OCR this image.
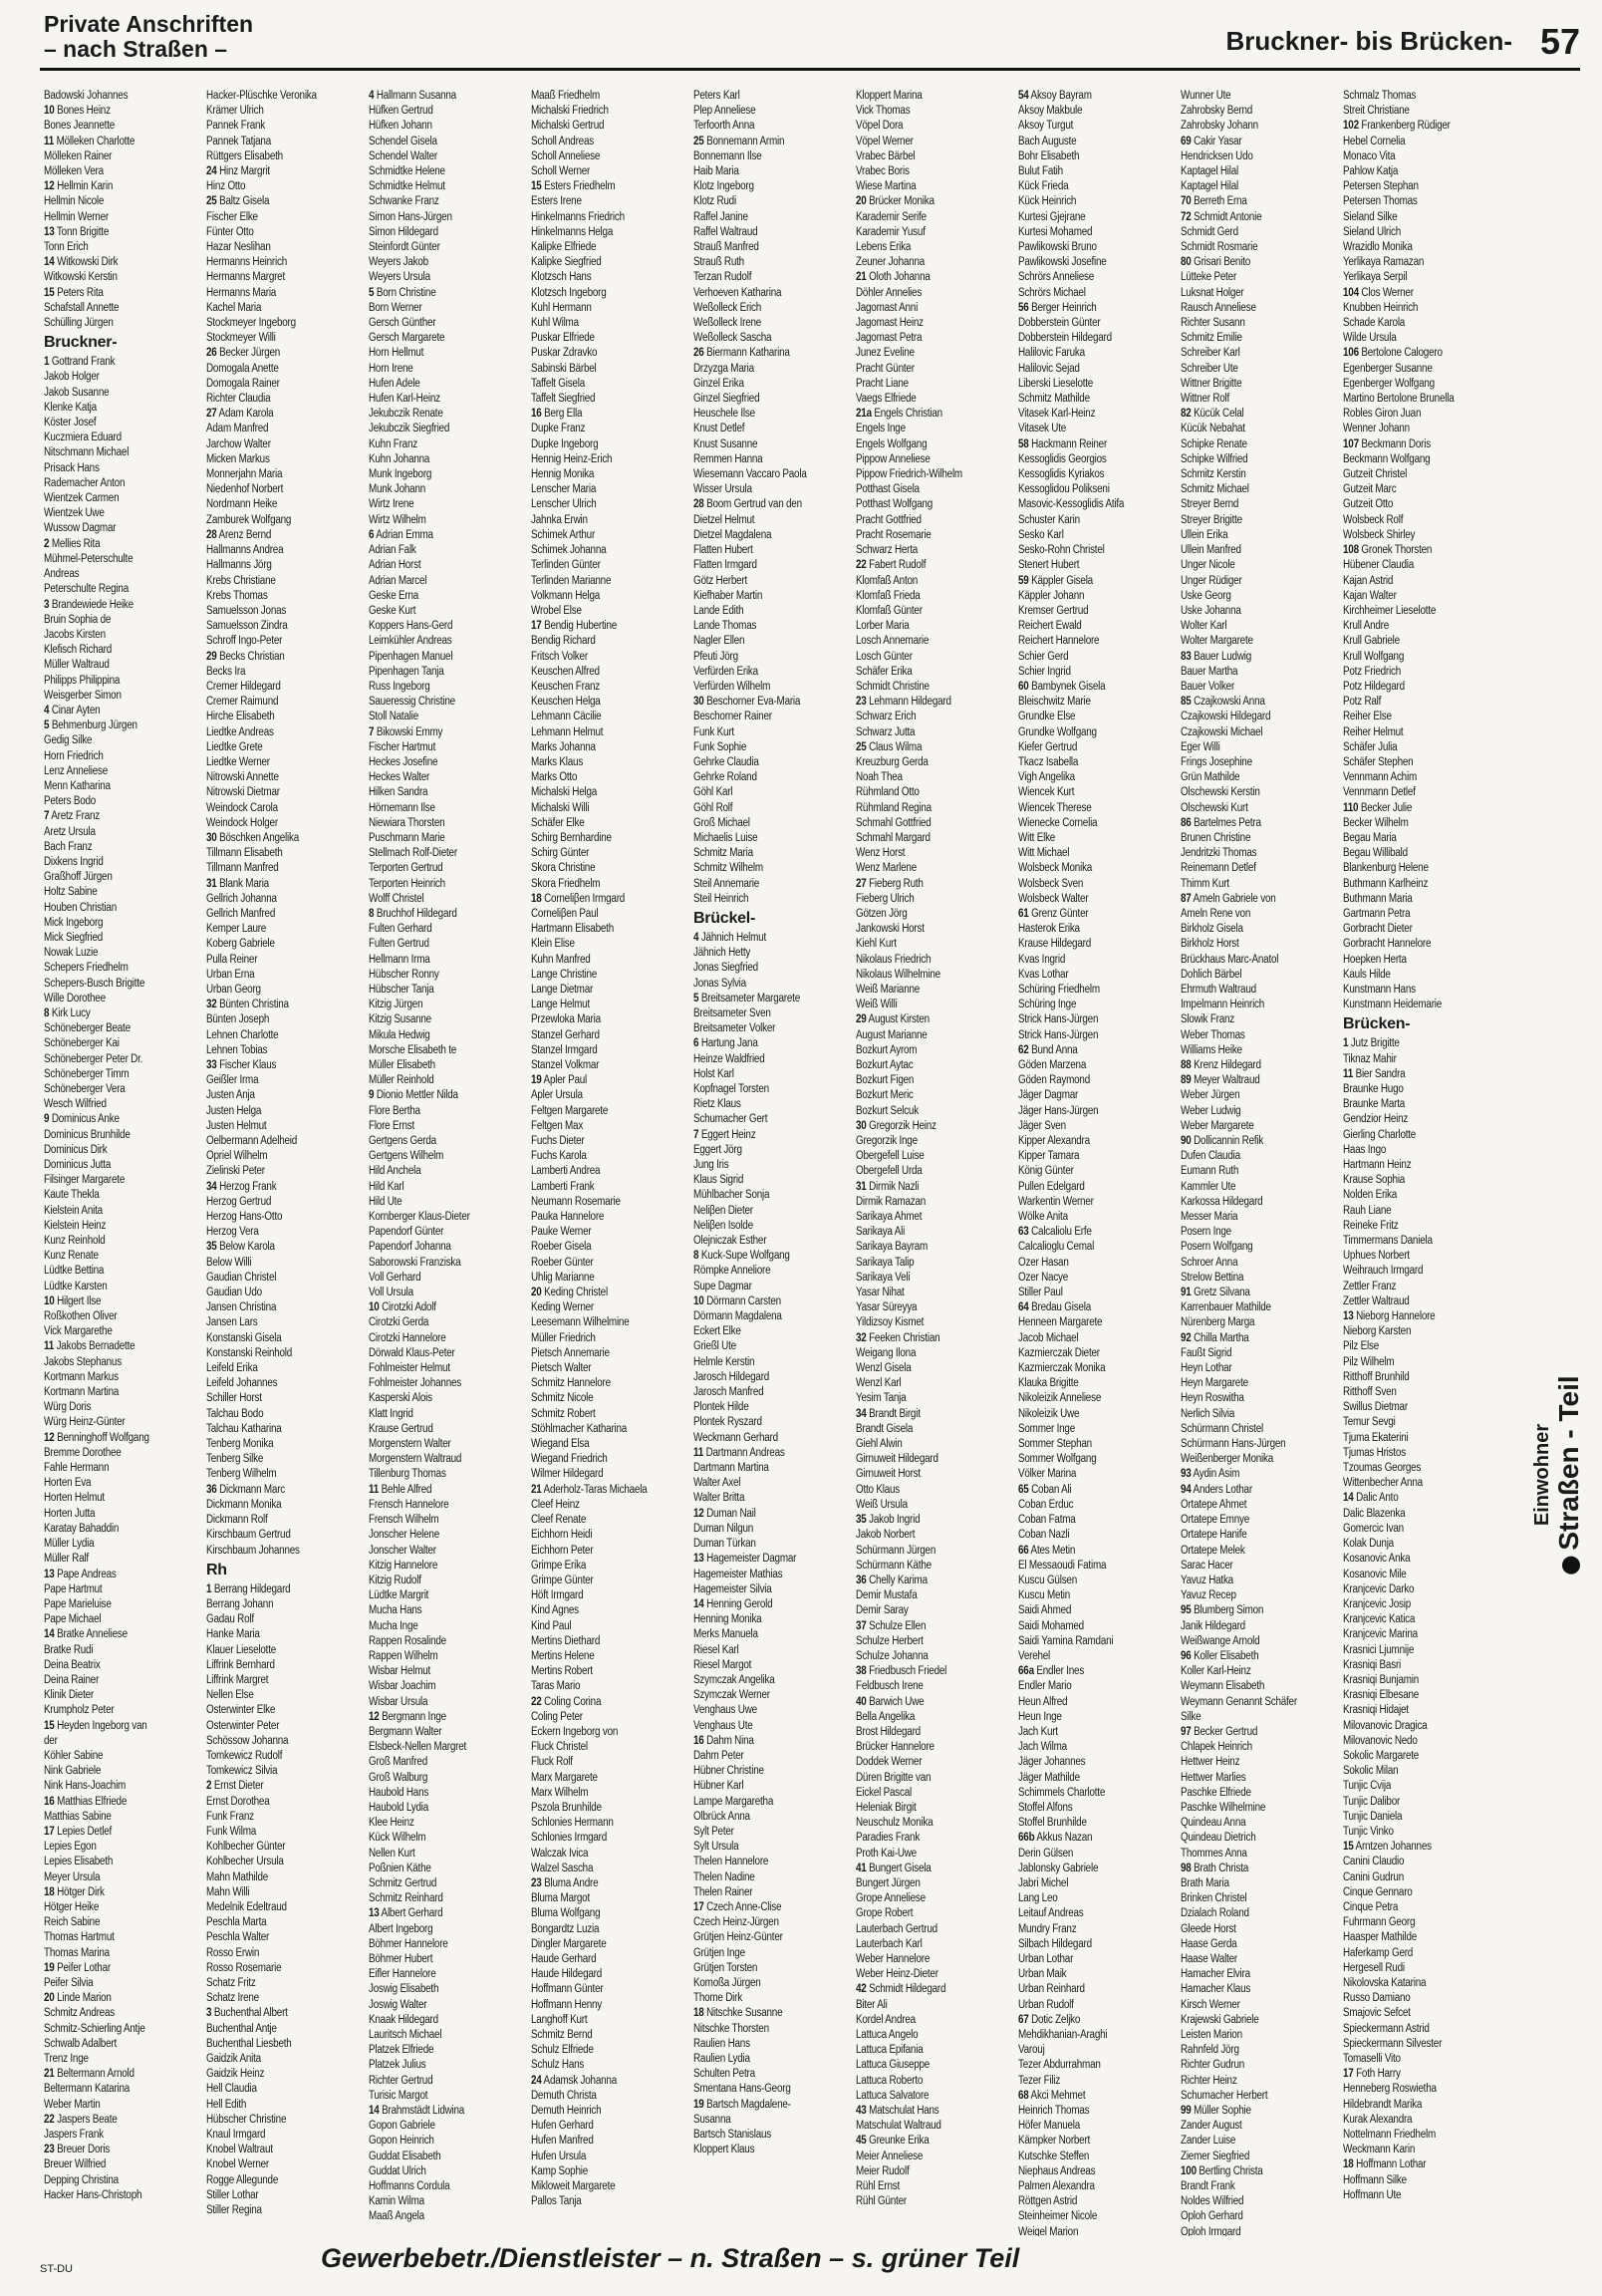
Private Anschriften
– nach Straßen –	Bruckner- bis Brücken- 57
Badowski Johannes
10 Bones Heinz
Bones Jeannette
11 Mölleken Charlotte
Mölleken Rainer
Mölleken Vera
12 Hellmin Karin
Hellmin Nicole
Hellmin Werner
13 Tonn Brigitte
Tonn Erich
14 Witkowski Dirk
Witkowski Kerstin
15 Peters Rita
Schafstall Annette
Schülling Jürgen
Bruckner-
1 Gottrand Frank
Jakob Holger
Jakob Susanne
Klenke Katja
Köster Josef
Kuczmiera Eduard
Nitschmann Michael
Prisack Hans
Rademacher Anton
Wientzek Carmen
Wientzek Uwe
Wussow Dagmar
2 Mellies Rita
Mühmel-Peterschulte
Andreas
Peterschulte Regina
3 Brandewiede Heike
Bruin Sophia de
Jacobs Kirsten
Klefisch Richard
Müller Waltraud
Philipps Philippina
Weisgerber Simon
4 Cinar Ayten
5 Behmenburg Jürgen
Gedig Silke
Horn Friedrich
Lenz Anneliese
Menn Katharina
Peters Bodo
7 Aretz Franz
Aretz Ursula
Bach Franz
Dixkens Ingrid
Graßhoff Jürgen
Holtz Sabine
Houben Christian
Mick Ingeborg
Mick Siegfried
Nowak Luzie
Schepers Friedhelm
Schepers-Busch Brigitte
Wille Dorothee
8 Kirk Lucy
Schöneberger Beate
Schöneberger Kai
Schöneberger Peter Dr.
Schöneberger Timm
Schöneberger Vera
Wesch Wilfried
9 Dominicus Anke
Dominicus Brunhilde
Dominicus Dirk
Dominicus Jutta
Filsinger Margarete
Kaute Thekla
Kielstein Anita
Kielstein Heinz
Kunz Reinhold
Kunz Renate
Lüdtke Bettina
Lüdtke Karsten
10 Hilgert Ilse
Roßkothen Oliver
Vick Margarethe
11 Jakobs Bernadette
Jakobs Stephanus
Kortmann Markus
Kortmann Martina
Würg Doris
Würg Heinz-Günter
12 Benninghoff Wolfgang
Bremme Dorothee
Fahle Hermann
Horten Eva
Horten Helmut
Horten Jutta
Karatay Bahaddin
Müller Lydia
Müller Ralf
13 Pape Andreas
Pape Hartmut
Pape Marieluise
Pape Michael
14 Bratke Anneliese
Bratke Rudi
Deina Beatrix
Deina Rainer
Klinik Dieter
Krumpholz Peter
15 Heyden Ingeborg van
der
Köhler Sabine
Nink Gabriele
Nink Hans-Joachim
16 Matthias Elfriede
Matthias Sabine
17 Lepies Detlef
Lepies Egon
Lepies Elisabeth
Meyer Ursula
18 Hötger Dirk
Hötger Heike
Reich Sabine
Thomas Hartmut
Thomas Marina
19 Peifer Lothar
Peifer Silvia
20 Linde Marion
Schmitz Andreas
Schmitz-Schierling Antje
Schwalb Adalbert
Trenz Inge
21 Beltermann Arnold
Beltermann Katarina
Weber Martin
22 Jaspers Beate
Jaspers Frank
23 Breuer Doris
Breuer Wilfried
Depping Christina
Hacker Hans-Christoph
Hacker-Plüschke Veronika
Krämer Ulrich
Pannek Frank
Pannek Tatjana
Rüttgers Elisabeth
24 Hinz Margrit
Hinz Otto
25 Baltz Gisela
Fischer Elke
Fünter Otto
Hazar Neslihan
Hermanns Heinrich
Hermanns Margret
Hermanns Maria
Kachel Maria
Stockmeyer Ingeborg
Stockmeyer Willi
26 Becker Jürgen
Domogala Anette
Domogala Rainer
Richter Claudia
27 Adam Karola
Adam Manfred
Jarchow Walter
Micken Markus
Monnerjahn Maria
Niedenhof Norbert
Nordmann Heike
Zamburek Wolfgang
28 Arenz Bernd
Hallmanns Andrea
Hallmanns Jörg
Krebs Christiane
Krebs Thomas
Samuelsson Jonas
Samuelsson Zindra
Schroff Ingo-Peter
29 Becks Christian
Becks Ira
Cremer Hildegard
Cremer Raimund
Hirche Elisabeth
Liedtke Andreas
Liedtke Grete
Liedtke Werner
Nitrowski Annette
Nitrowski Dietmar
Weindock Carola
Weindock Holger
30 Böschken Angelika
Tillmann Elisabeth
Tillmann Manfred
31 Blank Maria
Gellrich Johanna
Gellrich Manfred
Kemper Laure
Koberg Gabriele
Pulla Reiner
Urban Erna
Urban Georg
32 Bünten Christina
Bünten Joseph
Lehnen Charlotte
Lehnen Tobias
33 Fischer Klaus
Geißler Irma
Justen Anja
Justen Helga
Justen Helmut
Oelbermann Adelheid
Opriel Wilhelm
Zielinski Peter
34 Herzog Frank
Herzog Gertrud
Herzog Hans-Otto
Herzog Vera
35 Below Karola
Below Willi
Gaudian Christel
Gaudian Udo
Jansen Christina
Jansen Lars
Konstanski Gisela
Konstanski Reinhold
Leifeld Erika
Leifeld Johannes
Schiller Horst
Talchau Bodo
Talchau Katharina
Tenberg Monika
Tenberg Silke
Tenberg Wilhelm
36 Dickmann Marc
Dickmann Monika
Dickmann Rolf
Kirschbaum Gertrud
Kirschbaum Johannes
Rh
1 Berrang Hildegard
Berrang Johann
Gadau Rolf
Hanke Maria
Klauer Lieselotte
Liffrink Bernhard
Liffrink Margret
Nellen Else
Osterwinter Elke
Osterwinter Peter
Schössow Johanna
Tomkewicz Rudolf
Tomkewicz Silvia
2 Ernst Dieter
Ernst Dorothea
Funk Franz
Funk Wilma
Kohlbecher Günter
Kohlbecher Ursula
Mahn Mathilde
Mahn Willi
Medelnik Edeltraud
Peschla Marta
Peschla Walter
Rosso Erwin
Rosso Rosemarie
Schatz Fritz
Schatz Irene
3 Buchenthal Albert
Buchenthal Antje
Buchenthal Liesbeth
Gaidzik Anita
Gaidzik Heinz
Hell Claudia
Hell Edith
Hübscher Christine
Knaul Irmgard
Knobel Waltraut
Knobel Werner
Rogge Allegunde
Stiller Lothar
Stiller Regina
4 Hallmann Susanna
Hüfken Gertrud
Hüfken Johann
Schendel Gisela
Schendel Walter
Schmidtke Helene
Schmidtke Helmut
Schwanke Franz
Simon Hans-Jürgen
Simon Hildegard
Steinfordt Günter
Weyers Jakob
Weyers Ursula
5 Born Christine
Born Werner
Gersch Günther
Gersch Margarete
Horn Hellmut
Horn Irene
Hufen Adele
Hufen Karl-Heinz
Jekubczik Renate
Jekubczik Siegfried
Kuhn Franz
Kuhn Johanna
Munk Ingeborg
Munk Johann
Wirtz Irene
Wirtz Wilhelm
6 Adrian Emma
Adrian Falk
Adrian Horst
Adrian Marcel
Geske Erna
Geske Kurt
Koppers Hans-Gerd
Leimkühler Andreas
Pipenhagen Manuel
Pipenhagen Tanja
Russ Ingeborg
Saueressig Christine
Stoll Natalie
7 Bikowski Emmy
Fischer Hartmut
Heckes Josefine
Heckes Walter
Hilken Sandra
Hörnemann Ilse
Niewiara Thorsten
Puschmann Marie
Stellmach Rolf-Dieter
Terporten Gertrud
Terporten Heinrich
Wolff Christel
8 Bruchhof Hildegard
Fulten Gerhard
Fulten Gertrud
Hellmann Irma
Hübscher Ronny
Hübscher Tanja
Kitzig Jürgen
Kitzig Susanne
Mikula Hedwig
Morsche Elisabeth te
Müller Elisabeth
Müller Reinhold
9 Dionio Mettler Nilda
Flore Bertha
Flore Ernst
Gertgens Gerda
Gertgens Wilhelm
Hild Anchela
Hild Karl
Hild Ute
Kornberger Klaus-Dieter
Papendorf Günter
Papendorf Johanna
Saborowski Franziska
Voll Gerhard
Voll Ursula
10 Cirotzki Adolf
Cirotzki Gerda
Cirotzki Hannelore
Dörwald Klaus-Peter
Fohlmeister Helmut
Fohlmeister Johannes
Kasperski Alois
Klatt Ingrid
Krause Gertrud
Morgenstern Walter
Morgenstern Waltraud
Tillenburg Thomas
11 Behle Alfred
Frensch Hannelore
Frensch Wilhelm
Jonscher Helene
Jonscher Walter
Kitzig Hannelore
Kitzig Rudolf
Lüdtke Margrit
Mucha Hans
Mucha Inge
Rappen Rosalinde
Rappen Wilhelm
Wisbar Helmut
Wisbar Joachim
Wisbar Ursula
12 Bergmann Inge
Bergmann Walter
Elsbeck-Nellen Margret
Groß Manfred
Groß Walburg
Haubold Hans
Haubold Lydia
Klee Heinz
Kück Wilhelm
Nellen Kurt
Poßnien Käthe
Schmitz Gertrud
Schmitz Reinhard
13 Albert Gerhard
Albert Ingeborg
Böhmer Hannelore
Böhmer Hubert
Eifler Hannelore
Joswig Elisabeth
Joswig Walter
Knaak Hildegard
Lauritsch Michael
Platzek Elfriede
Platzek Julius
Richter Gertrud
Turisic Margot
14 Brahmstädt Lidwina
Gopon Gabriele
Gopon Heinrich
Guddat Elisabeth
Guddat Ulrich
Hoffmanns Cordula
Kamin Wilma
Maaß Angela
Maaß Friedhelm
Michalski Friedrich
Michalski Gertrud
Scholl Andreas
Scholl Anneliese
Scholl Werner
15 Esters Friedhelm
Esters Irene
Hinkelmanns Friedrich
Hinkelmanns Helga
Kalipke Elfriede
Kalipke Siegfried
Klotzsch Hans
Klotzsch Ingeborg
Kuhl Hermann
Kuhl Wilma
Puskar Elfriede
Puskar Zdravko
Sabinski Bärbel
Taffelt Gisela
Taffelt Siegfried
16 Berg Ella
Dupke Franz
Dupke Ingeborg
Hennig Heinz-Erich
Hennig Monika
Lenscher Maria
Lenscher Ulrich
Jahnka Erwin
Schimek Arthur
Schimek Johanna
Terlinden Günter
Terlinden Marianne
Volkmann Helga
Wrobel Else
17 Bendig Hubertine
Bendig Richard
Fritsch Volker
Keuschen Alfred
Keuschen Franz
Keuschen Helga
Lehmann Cäcilie
Lehmann Helmut
Marks Johanna
Marks Klaus
Marks Otto
Michalski Helga
Michalski Willi
Schäfer Elke
Schirg Bernhardine
Schirg Günter
Skora Christine
Skora Friedhelm
18 Corneliβen Irmgard
Corneliβen Paul
Hartmann Elisabeth
Klein Elise
Kuhn Manfred
Lange Christine
Lange Dietmar
Lange Helmut
Przewloka Maria
Stanzel Gerhard
Stanzel Irmgard
Stanzel Volkmar
19 Apler Paul
Apler Ursula
Feltgen Margarete
Feltgen Max
Fuchs Dieter
Fuchs Karola
Lamberti Andrea
Lamberti Frank
Neumann Rosemarie
Pauka Hannelore
Pauke Werner
Roeber Gisela
Roeber Günter
Uhlig Marianne
20 Keding Christel
Keding Werner
Leesemann Wilhelmine
Müller Friedrich
Pietsch Annemarie
Pietsch Walter
Schmitz Hannelore
Schmitz Nicole
Schmitz Robert
Stöhlmacher Katharina
Wiegand Elsa
Wiegand Friedrich
Wilmer Hildegard
21 Aderholz-Taras Michaela
Cleef Heinz
Cleef Renate
Eichhorn Heidi
Eichhorn Peter
Grimpe Erika
Grimpe Günter
Höft Irmgard
Kind Agnes
Kind Paul
Mertins Diethard
Mertins Helene
Mertins Robert
Taras Mario
22 Coling Corina
Coling Peter
Eckern Ingeborg von
Fluck Christel
Fluck Rolf
Marx Margarete
Marx Wilhelm
Pszola Brunhilde
Schlonies Hermann
Schlonies Irmgard
Walczak Ivica
Walzel Sascha
23 Bluma Andre
Bluma Margot
Bluma Wolfgang
Bongardtz Luzia
Dingler Margarete
Haude Gerhard
Haude Hildegard
Hoffmann Günter
Hoffmann Henny
Langhoff Kurt
Schmitz Bernd
Schulz Elfriede
Schulz Hans
24 Adamsk Johanna
Demuth Christa
Demuth Heinrich
Hufen Gerhard
Hufen Manfred
Hufen Ursula
Kamp Sophie
Mikloweit Margarete
Pallos Tanja
Peters Karl
Plep Anneliese
Terfoorth Anna
25 Bonnemann Armin
Bonnemann Ilse
Haib Maria
Klotz Ingeborg
Klotz Rudi
Raffel Janine
Raffel Waltraud
Strauß Manfred
Strauß Ruth
Terzan Rudolf
Verhoeven Katharina
Weßolleck Erich
Weßolleck Irene
Weßolleck Sascha
26 Biermann Katharina
Drzyzga Maria
Ginzel Erika
Ginzel Siegfried
Heuschele Ilse
Knust Detlef
Knust Susanne
Remmen Hanna
Wiesemann Vaccaro Paola
Wisser Ursula
28 Boom Gertrud van den
Dietzel Helmut
Dietzel Magdalena
Flatten Hubert
Flatten Irmgard
Götz Herbert
Kiefhaber Martin
Lande Edith
Lande Thomas
Nagler Ellen
Pfeuti Jörg
Verfürden Erika
Verfürden Wilhelm
30 Beschorner Eva-Maria
Beschorner Rainer
Funk Kurt
Funk Sophie
Gehrke Claudia
Gehrke Roland
Göhl Karl
Göhl Rolf
Groß Michael
Michaelis Luise
Schmitz Maria
Schmitz Wilhelm
Steil Annemarie
Steil Heinrich
Brückel-
4 Jähnich Helmut
Jähnich Hetty
Jonas Siegfried
Jonas Sylvia
5 Breitsameter Margarete
Breitsameter Sven
Breitsameter Volker
6 Hartung Jana
Heinze Waldfried
Holst Karl
Kopfnagel Torsten
Rietz Klaus
Schumacher Gert
7 Eggert Heinz
Eggert Jörg
Jung Iris
Klaus Sigrid
Mühlbacher Sonja
Neliβen Dieter
Neliβen Isolde
Olejniczak Esther
8 Kuck-Supe Wolfgang
Römpke Anneliore
Supe Dagmar
10 Dörmann Carsten
Dörmann Magdalena
Eckert Elke
Grießl Ute
Helmle Kerstin
Jarosch Hildegard
Jarosch Manfred
Plontek Hilde
Plontek Ryszard
Weckmann Gerhard
11 Dartmann Andreas
Dartmann Martina
Walter Axel
Walter Britta
12 Duman Nail
Duman Nilgun
Duman Türkan
13 Hagemeister Dagmar
Hagemeister Mathias
Hagemeister Silvia
14 Henning Gerold
Henning Monika
Merks Manuela
Riesel Karl
Riesel Margot
Szymczak Angelika
Szymczak Werner
Venghaus Uwe
Venghaus Ute
16 Dahm Nina
Dahm Peter
Hübner Christine
Hübner Karl
Lampe Margaretha
Olbrück Anna
Sylt Peter
Sylt Ursula
Thelen Hannelore
Thelen Nadine
Thelen Rainer
17 Czech Anne-Clise
Czech Heinz-Jürgen
Grütjen Heinz-Günter
Grütjen Inge
Grütjen Torsten
Komoßa Jürgen
Thome Dirk
18 Nitschke Susanne
Nitschke Thorsten
Raulien Hans
Raulien Lydia
Schulten Petra
Smentana Hans-Georg
19 Bartsch Magdalene-
Susanna
Bartsch Stanislaus
Kloppert Klaus
Kloppert Marina
Vick Thomas
Vöpel Dora
Vöpel Werner
Vrabec Bärbel
Vrabec Boris
Wiese Martina
20 Brücker Monika
Karademir Serife
Karademir Yusuf
Lebens Erika
Zeuner Johanna
21 Oloth Johanna
Döhler Annelies
Jagomast Anni
Jagomast Heinz
Jagomast Petra
Junez Eveline
Pracht Günter
Pracht Liane
Vaegs Elfriede
21a Engels Christian
Engels Inge
Engels Wolfgang
Pippow Anneliese
Pippow Friedrich-Wilhelm
Potthast Gisela
Potthast Wolfgang
Pracht Gottfried
Pracht Rosemarie
Schwarz Herta
22 Fabert Rudolf
Klomfaß Anton
Klomfaß Frieda
Klomfaß Günter
Lorber Maria
Losch Annemarie
Losch Günter
Schäfer Erika
Schmidt Christine
23 Lehmann Hildegard
Schwarz Erich
Schwarz Jutta
25 Claus Wilma
Kreuzburg Gerda
Noah Thea
Rühmland Otto
Rühmland Regina
Schmahl Gottfried
Schmahl Margard
Wenz Horst
Wenz Marlene
27 Fieberg Ruth
Fieberg Ulrich
Götzen Jörg
Jankowski Horst
Kiehl Kurt
Nikolaus Friedrich
Nikolaus Wilhelmine
Weiß Marianne
Weiß Willi
29 August Kirsten
August Marianne
Bozkurt Ayrom
Bozkurt Aytac
Bozkurt Figen
Bozkurt Meric
Bozkurt Selcuk
30 Gregorzik Heinz
Gregorzik Inge
Obergefell Luise
Obergefell Urda
31 Dirmik Nazli
Dirmik Ramazan
Sarikaya Ahmet
Sarikaya Ali
Sarikaya Bayram
Sarikaya Talip
Sarikaya Veli
Yasar Nihat
Yasar Süreyya
Yildizsoy Kismet
32 Feeken Christian
Weigang Ilona
Wenzl Gisela
Wenzl Karl
Yesim Tanja
34 Brandt Birgit
Brandt Gisela
Giehl Alwin
Girnuweit Hildegard
Girnuweit Horst
Otto Klaus
Weiß Ursula
35 Jakob Ingrid
Jakob Norbert
Schürmann Jürgen
Schürmann Käthe
36 Chelly Karima
Demir Mustafa
Demir Saray
37 Schulze Ellen
Schulze Herbert
Schulze Johanna
38 Friedbusch Friedel
Feldbusch Irene
40 Barwich Uwe
Bella Angelika
Brost Hildegard
Brücker Hannelore
Doddek Werner
Düren Brigitte van
Eickel Pascal
Heleniak Birgit
Neuschulz Monika
Paradies Frank
Proth Kai-Uwe
41 Bungert Gisela
Bungert Jürgen
Grope Anneliese
Grope Robert
Lauterbach Gertrud
Lauterbach Karl
Weber Hannelore
Weber Heinz-Dieter
42 Schmidt Hildegard
Biter Ali
Kordel Andrea
Lattuca Angelo
Lattuca Epifania
Lattuca Giuseppe
Lattuca Roberto
Lattuca Salvatore
43 Matschulat Hans
Matschulat Waltraud
45 Greunke Erika
Meier Anneliese
Meier Rudolf
Rühl Ernst
Rühl Günter
54 Aksoy Bayram
Aksoy Makbule
Aksoy Turgut
Bach Auguste
Bohr Elisabeth
Bulut Fatih
Kück Frieda
Kück Heinrich
Kurtesi Gjejrane
Kurtesi Mohamed
Pawlikowski Bruno
Pawlikowski Josefine
Schrörs Anneliese
Schrörs Michael
56 Berger Heinrich
Dobberstein Günter
Dobberstein Hildegard
Halilovic Faruka
Halilovic Sejad
Liberski Lieselotte
Schmitz Mathilde
Vitasek Karl-Heinz
Vitasek Ute
58 Hackmann Reiner
Kessoglidis Georgios
Kessoglidis Kyriakos
Kessoglidou Polikseni
Masovic-Kessoglidis Atifa
Schuster Karin
Sesko Karl
Sesko-Rohn Christel
Stenert Hubert
59 Käppler Gisela
Käppler Johann
Kremser Gertrud
Reichert Ewald
Reichert Hannelore
Schier Gerd
Schier Ingrid
60 Bambynek Gisela
Bleischwitz Marie
Grundke Else
Grundke Wolfgang
Kiefer Gertrud
Tkacz Isabella
Vigh Angelika
Wiencek Kurt
Wiencek Therese
Wienecke Cornelia
Witt Elke
Witt Michael
Wolsbeck Monika
Wolsbeck Sven
Wolsbeck Walter
61 Grenz Günter
Hasterok Erika
Krause Hildegard
Kvas Ingrid
Kvas Lothar
Schüring Friedhelm
Schüring Inge
Strick Hans-Jürgen
Strick Hans-Jürgen
62 Bund Anna
Göden Marzena
Göden Raymond
Jäger Dagmar
Jäger Hans-Jürgen
Jäger Sven
Kipper Alexandra
Kipper Tamara
König Günter
Pullen Edelgard
Warkentin Werner
Wölke Anita
63 Calcaliolu Erfe
Calcalioglu Cemal
Özer Hasan
Özer Nacye
Stiller Paul
64 Bredau Gisela
Henneen Margarete
Jacob Michael
Kazmierczak Dieter
Kazmierczak Monika
Klauka Brigitte
Nikoleizik Anneliese
Nikoleizik Uwe
Sommer Inge
Sommer Stephan
Sommer Wolfgang
Völker Marina
65 Coban Ali
Coban Erduc
Coban Fatma
Coban Nazli
66 Ates Metin
El Messaoudi Fatima
Kuscu Gülsen
Kuscu Metin
Saidi Ahmed
Saidi Mohamed
Saidi Yamina Ramdani
Verehel
66a Endler Ines
Endler Mario
Heun Alfred
Heun Inge
Jach Kurt
Jach Wilma
Jäger Johannes
Jäger Mathilde
Schimmels Charlotte
Stoffel Alfons
Stoffel Brunhilde
66b Akkus Nazan
Derin Gülsen
Jablonsky Gabriele
Jabri Michel
Lang Leo
Leitauf Andreas
Mundry Franz
Silbach Hildegard
Urban Lothar
Urban Maik
Urban Reinhard
Urban Rudolf
67 Dotic Zeljko
Mehdikhanian-Araghi
Varouj
Tezer Abdurrahman
Tezer Filiz
68 Akci Mehmet
Heinrich Thomas
Höfer Manuela
Kämpker Norbert
Kutschke Steffen
Niephaus Andreas
Palmen Alexandra
Röttgen Astrid
Steinheimer Nicole
Weigel Marion
Wunner Ute
Zahrobsky Bernd
Zahrobsky Johann
69 Cakir Yasar
Hendricksen Udo
Kaptagel Hilal
Kaptagel Hilal
70 Berreth Erna
72 Schmidt Antonie
Schmidt Gerd
Schmidt Rosmarie
80 Grisari Benito
Lütteke Peter
Luksnat Holger
Rausch Anneliese
Richter Susann
Schmitz Emilie
Schreiber Karl
Schreiber Ute
Wittner Brigitte
Wittner Rolf
82 Kücük Celal
Kücük Nebahat
Schipke Renate
Schipke Wilfried
Schmitz Kerstin
Schmitz Michael
Streyer Bernd
Streyer Brigitte
Ullein Erika
Ullein Manfred
Unger Nicole
Unger Rüdiger
Uske Georg
Uske Johanna
Wolter Karl
Wolter Margarete
83 Bauer Ludwig
Bauer Martha
Bauer Volker
85 Czajkowski Anna
Czajkowski Hildegard
Czajkowski Michael
Eger Willi
Frings Josephine
Grün Mathilde
Olschewski Kerstin
Olschewski Kurt
86 Bartelmes Petra
Brunen Christine
Jendritzki Thomas
Reinemann Detlef
Thimm Kurt
87 Ameln Gabriele von
Ameln Rene von
Birkholz Gisela
Birkholz Horst
Brückhaus Marc-Anatol
Dohlich Bärbel
Ehrmuth Waltraud
Impelmann Heinrich
Slowik Franz
Weber Thomas
Williams Heike
88 Krenz Hildegard
89 Meyer Waltraud
Weber Jürgen
Weber Ludwig
Weber Margarete
90 Dollicannin Refik
Dufen Claudia
Eumann Ruth
Kammler Ute
Karkossa Hildegard
Messer Maria
Posern Inge
Posern Wolfgang
Schroer Anna
Strelow Bettina
91 Gretz Silvana
Karrenbauer Mathilde
Nürenberg Marga
92 Chilla Martha
Faußt Sigrid
Heyn Lothar
Heyn Margarete
Heyn Roswitha
Nerlich Silvia
Schürmann Christel
Schürmann Hans-Jürgen
Weißenberger Monika
93 Aydin Asim
94 Anders Lothar
Ortatepe Ahmet
Ortatepe Emnye
Ortatepe Hanife
Ortatepe Melek
Sarac Hacer
Yavuz Hatka
Yavuz Recep
95 Blumberg Simon
Janik Hildegard
Weißwange Arnold
96 Koller Elisabeth
Koller Karl-Heinz
Weymann Elisabeth
Weymann Genannt Schäfer
Silke
97 Becker Gertrud
Chlapek Heinrich
Hettwer Heinz
Hettwer Marlies
Paschke Elfriede
Paschke Wilhelmine
Quindeau Anna
Quindeau Dietrich
Thommes Anna
98 Brath Christa
Brath Maria
Brinken Christel
Dzialach Roland
Gleede Horst
Haase Gerda
Haase Walter
Hamacher Elvira
Hamacher Klaus
Kirsch Werner
Krajewski Gabriele
Leisten Marion
Rahnfeld Jörg
Richter Gudrun
Richter Heinz
Schumacher Herbert
99 Müller Sophie
Zander August
Zander Luise
Ziemer Siegfried
100 Bertling Christa
Brandt Frank
Noldes Wilfried
Oploh Gerhard
Oploh Irmgard
Schmalz Thomas
Streit Christiane
102 Frankenberg Rüdiger
Hebel Cornelia
Monaco Vita
Pahlow Katja
Petersen Stephan
Petersen Thomas
Sieland Silke
Sieland Ulrich
Wrazidlo Monika
Yerlikaya Ramazan
Yerlikaya Serpil
104 Clos Werner
Knubben Heinrich
Schade Karola
Wilde Ursula
106 Bertolone Calogero
Egenberger Susanne
Egenberger Wolfgang
Martino Bertolone Brunella
Robles Giron Juan
Wenner Johann
107 Beckmann Doris
Beckmann Wolfgang
Gutzeit Christel
Gutzeit Marc
Gutzeit Otto
Wolsbeck Rolf
Wolsbeck Shirley
108 Gronek Thorsten
Hübener Claudia
Kajan Astrid
Kajan Walter
Kirchheimer Lieselotte
Krull Andre
Krull Gabriele
Krull Wolfgang
Potz Friedrich
Potz Hildegard
Potz Ralf
Reiher Else
Reiher Helmut
Schäfer Julia
Schäfer Stephen
Vennmann Achim
Vennmann Detlef
110 Becker Julie
Becker Wilhelm
Begau Maria
Begau Willibald
Blankenburg Helene
Buthmann Karlheinz
Buthmann Maria
Gartmann Petra
Gorbracht Dieter
Gorbracht Hannelore
Hoepken Herta
Kauls Hilde
Kunstmann Hans
Kunstmann Heidemarie
Brücken-
1 Jutz Brigitte
Tiknaz Mahir
11 Bier Sandra
Braunke Hugo
Braunke Marta
Gendzior Heinz
Gierling Charlotte
Haas Ingo
Hartmann Heinz
Krause Sophia
Nolden Erika
Rauh Liane
Reineke Fritz
Timmermans Daniela
Uphues Norbert
Weihrauch Irmgard
Zettler Franz
Zettler Waltraud
13 Nieborg Hannelore
Nieborg Karsten
Pilz Else
Pilz Wilhelm
Ritthoff Brunhild
Ritthoff Sven
Swillus Dietmar
Temur Sevgi
Tjuma Ekaterini
Tjumas Hristos
Tzoumas Georges
Wittenbecher Anna
14 Dalic Anto
Dalic Blazenka
Gomercic Ivan
Kolak Dunja
Kosanovic Anka
Kosanovic Mile
Kranjcevic Darko
Kranjcevic Josip
Kranjcevic Katica
Kranjcevic Marina
Krasnici Ljumnije
Krasniqi Basri
Krasniqi Bunjamin
Krasniqi Elbesane
Krasniqi Hidajet
Milovanovic Dragica
Milovanovic Nedo
Sokolic Margarete
Sokolic Milan
Tunjic Cvija
Tunjic Dalibor
Tunjic Daniela
Tunjic Vinko
15 Arntzen Johannes
Canini Claudio
Canini Gudrun
Cinque Gennaro
Cinque Petra
Fuhrmann Georg
Haasper Mathilde
Haferkamp Gerd
Hergesell Rudi
Nikolovska Katarina
Russo Damiano
Smajovic Sefcet
Spieckermann Astrid
Spieckermann Silvester
Tomaselli Vito
17 Foth Harry
Henneberg Roswietha
Hildebrandt Marika
Kurak Alexandra
Nottelmann Friedhelm
Weckmann Karin
18 Hoffmann Lothar
Hoffmann Silke
Hoffmann Ute
Einwohner Straßen - Teil
ST-DU	Gewerbebetr./Dienstleister – n. Straßen – s. grüner Teil
